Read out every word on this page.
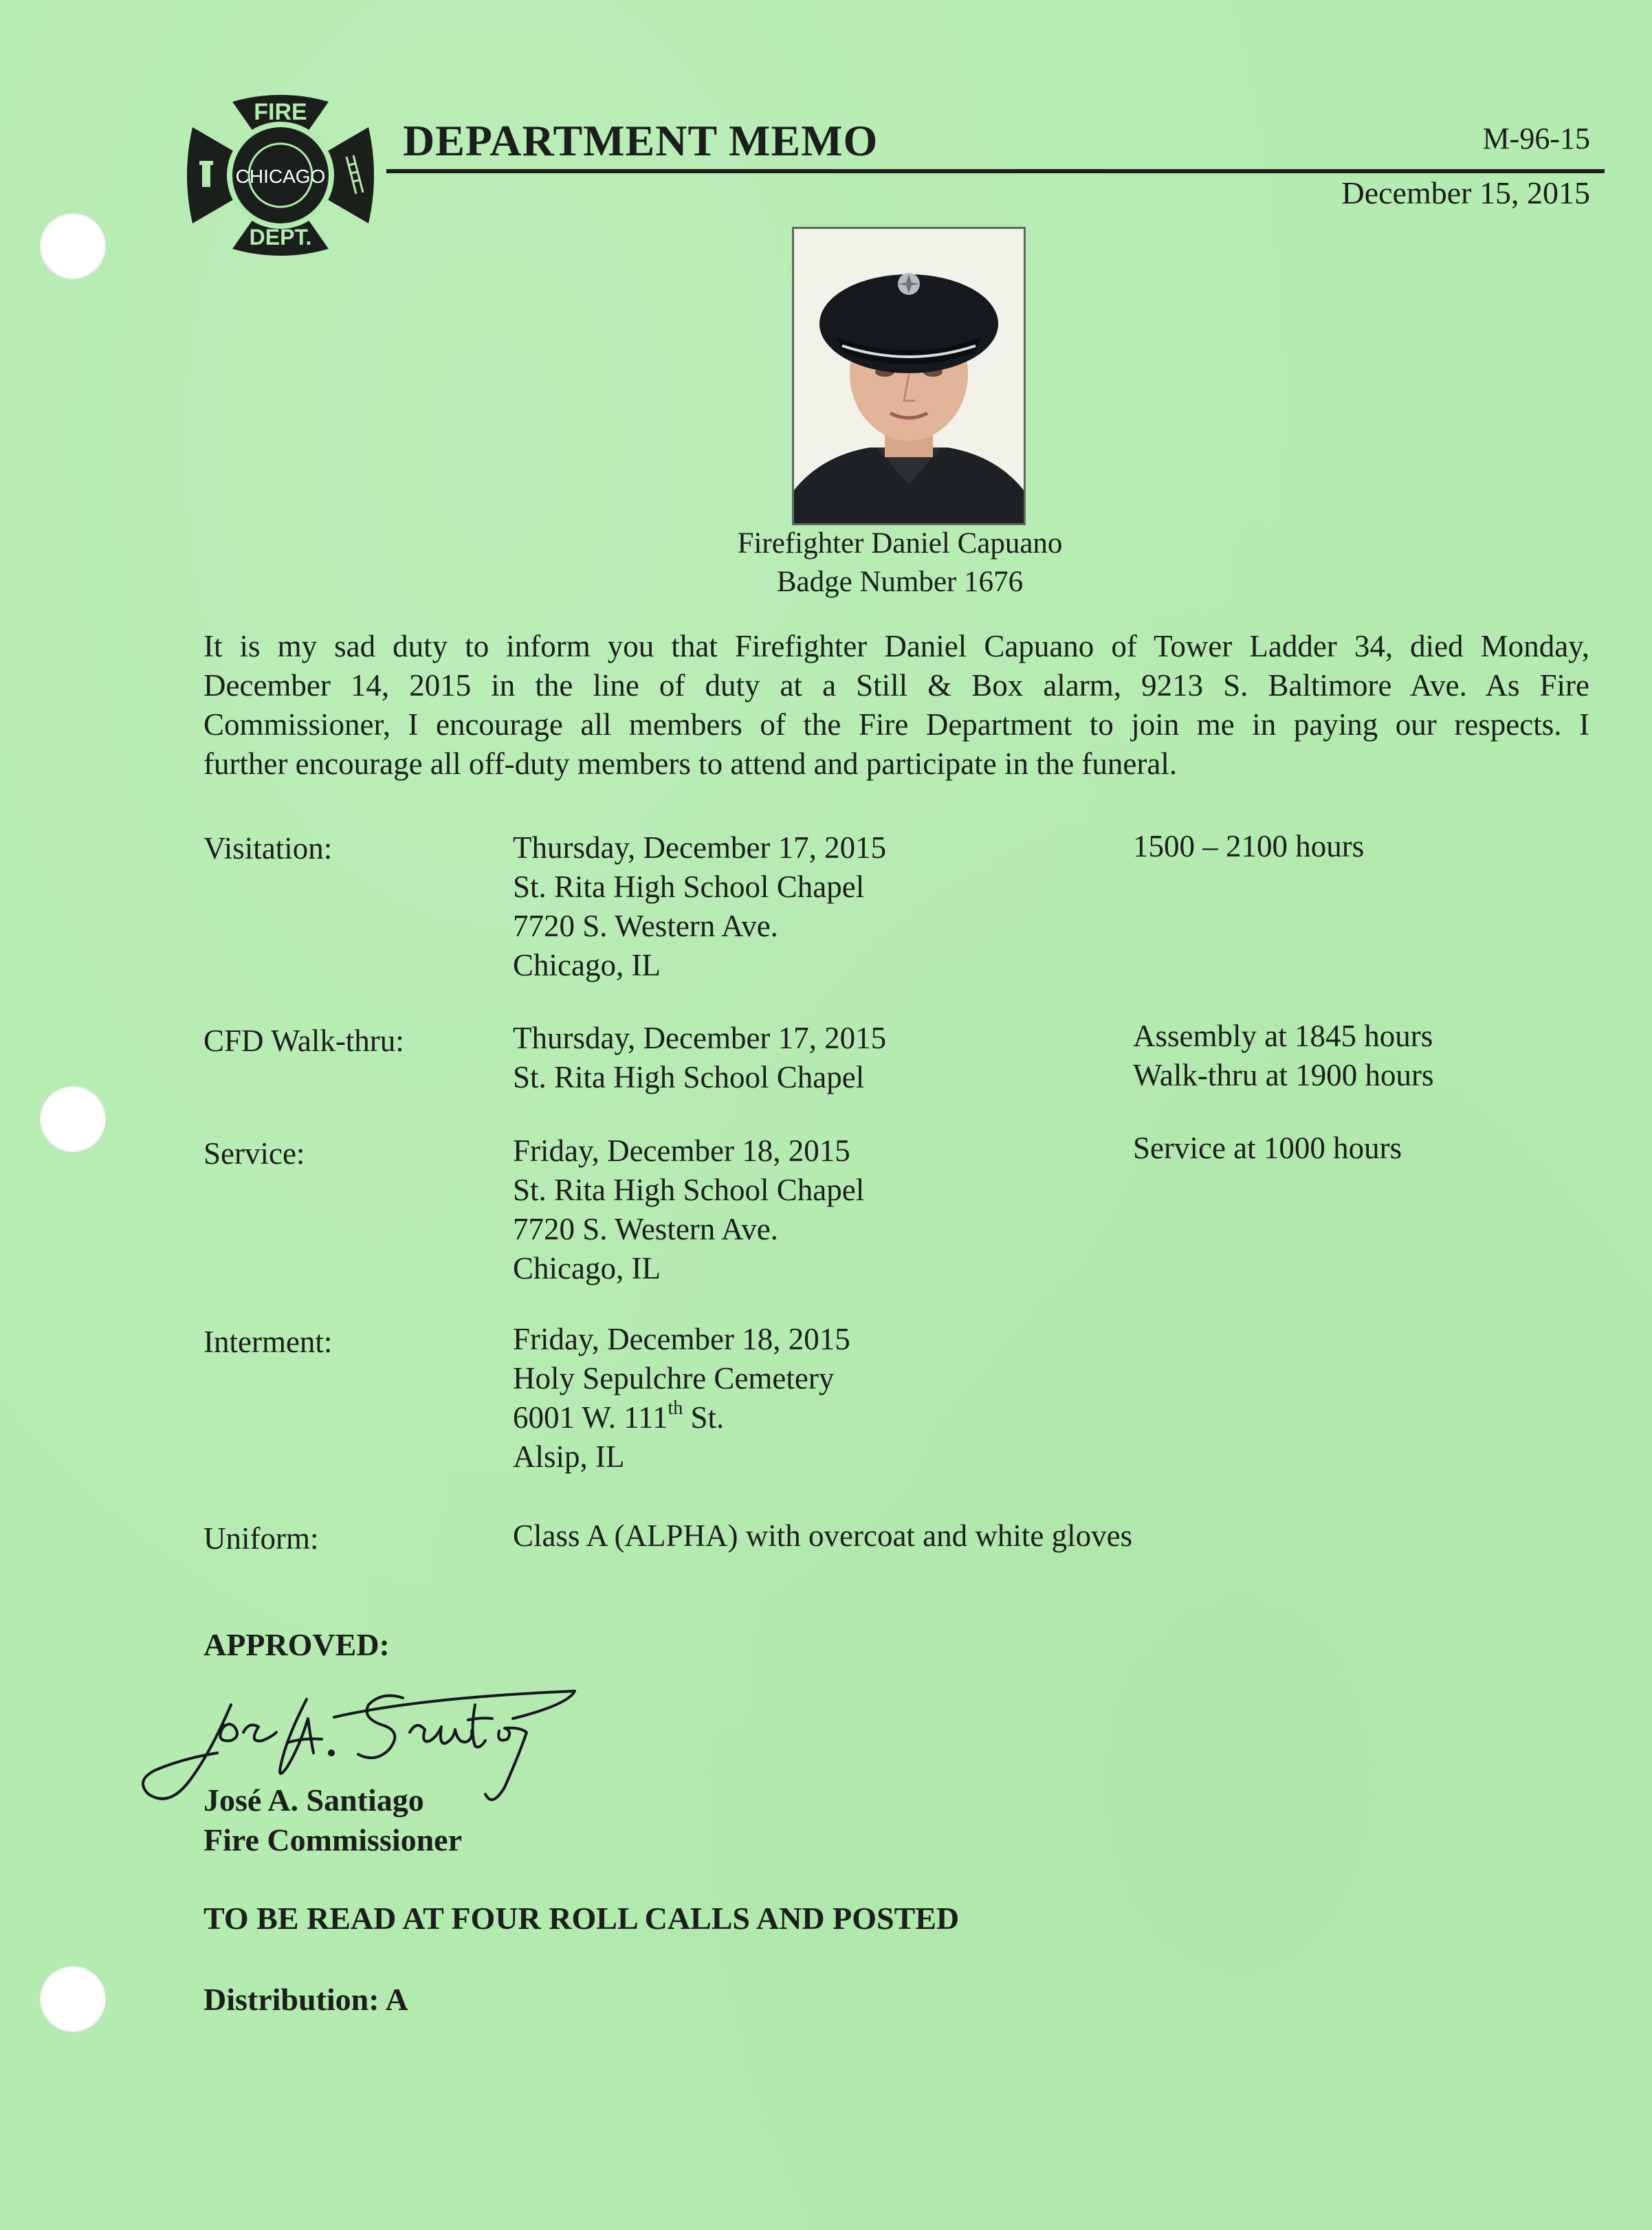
FIRE
CHICAGO
DEPT.
DEPARTMENT MEMO	M-96-15
December 15, 2015
Firefighter Daniel Capuano
Badge Number 1676
It is my sad duty to inform you that Firefighter Daniel Capuano of Tower Ladder 34, died Monday,
December 14, 2015 in the line of duty at a Still & Box alarm, 9213 S. Baltimore Ave. As Fire
Commissioner, I encourage all members of the Fire Department to join me in paying our respects. I
further encourage all off-duty members to attend and participate in the funeral.
Visitation:	Thursday, December 17, 2015
St. Rita High School Chapel
7720 S. Western Ave.
Chicago, IL
1500 – 2100 hours
CFD Walk-thru:	Thursday, December 17, 2015
St. Rita High School Chapel
Assembly at 1845 hours
Walk-thru at 1900 hours
Service:	Friday, December 18, 2015
St. Rita High School Chapel
7720 S. Western Ave.
Chicago, IL
Service at 1000 hours
Interment:	Friday, December 18, 2015
Holy Sepulchre Cemetery
6001 W. 111th St.
Alsip, IL
Uniform:	Class A (ALPHA) with overcoat and white gloves
APPROVED:
José A. Santiago
Fire Commissioner
TO BE READ AT FOUR ROLL CALLS AND POSTED
Distribution: A
